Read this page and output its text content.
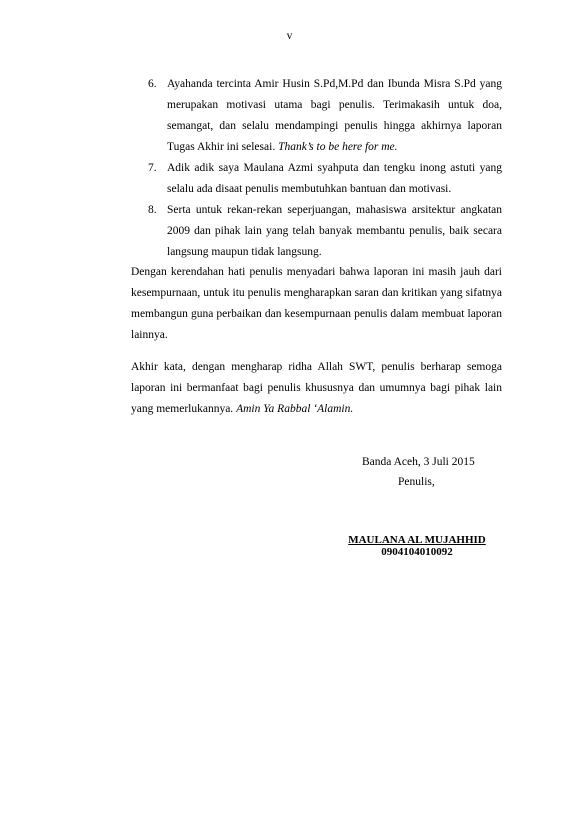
v
6. Ayahanda tercinta Amir Husin S.Pd,M.Pd dan Ibunda Misra S.Pd yang merupakan motivasi utama bagi penulis. Terimakasih untuk doa, semangat, dan selalu mendampingi penulis hingga akhirnya laporan Tugas Akhir ini selesai. Thank’s to be here for me.
7. Adik adik saya Maulana Azmi syahputa dan tengku inong astuti yang selalu ada disaat penulis membutuhkan bantuan dan motivasi.
8. Serta untuk rekan-rekan seperjuangan, mahasiswa arsitektur angkatan 2009 dan pihak lain yang telah banyak membantu penulis, baik secara langsung maupun tidak langsung.

Dengan kerendahan hati penulis menyadari bahwa laporan ini masih jauh dari kesempurnaan, untuk itu penulis mengharapkan saran dan kritikan yang sifatnya membangun guna perbaikan dan kesempurnaan penulis dalam membuat laporan lainnya.

Akhir kata, dengan mengharap ridha Allah SWT, penulis berharap semoga laporan ini bermanfaat bagi penulis khususnya dan umumnya bagi pihak lain yang memerlukannya. Amin Ya Rabbal ‘Alamin.

Banda Aceh, 3 Juli 2015
Penulis,
MAULANA AL MUJAHHID
0904104010092
